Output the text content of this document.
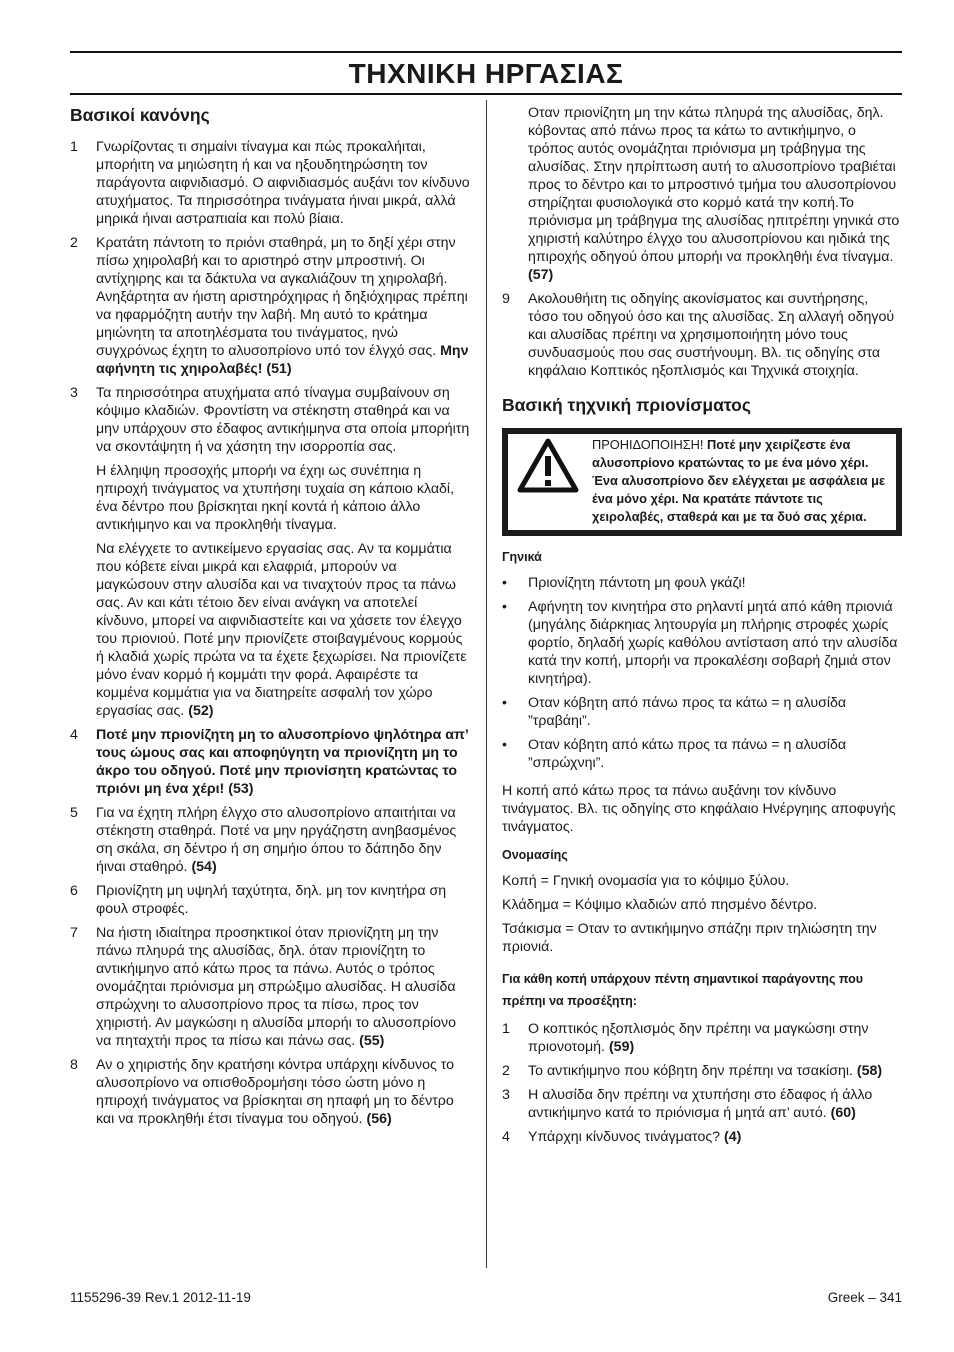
ΤΗΧΝΙΚΗ ΗΡΓΑΣΙΑΣ
Βασικοί κανόνης
1	Γνωρίζοντας τι σημαίνι τίναγμα και πώς προκαλήιται, μπορήιτη να μηιώσητη ή και να ηξουδητηρώσητη τον παράγοντα αιφνιδιασμό. Ο αιφνιδιασμός αυξάνι τον κίνδυνο ατυχήματος. Τα πηρισσότηρα τινάγματα ήιναι μικρά, αλλά μηρικά ήιναι αστραπιαία και πολύ βίαια.
2	Κρατάτη πάντοτη το πριόνι σταθηρά, μη το δηξί χέρι στην πίσω χηιρολαβή και το αριστηρό στην μπροστινή. Οι αντίχηιρης και τα δάκτυλα να αγκαλιάζουν τη χηιρολαβή. Ανηξάρτητα αν ήιστη αριστηρόχηιρας ή δηξιόχηιρας πρέπηι να ηφαρμόζητη αυτήν την λαβή. Μη αυτό το κράτημα μηιώνητη τα αποτηλέσματα του τινάγματος, ηνώ συγχρόνως έχητη το αλυσοπρίονο υπό τον έλγχό σας. Μην αφήνητη τις χηιρολαβές! (51)
3	Τα πηρισσότηρα ατυχήματα από τίναγμα συμβαίνουν ση κόψιμο κλαδιών. Φροντίστη να στέκηστη σταθηρά και να μην υπάρχουν στο έδαφος αντικήιμηνα στα οποία μπορήιτη να σκοντάψητη ή να χάσητη την ισορροπία σας.
Η έλληιψη προσοχής μπορήι να έχηι ως συνέπηια η ηπιροχή τινάγματος να χτυπήσηι τυχαία ση κάποιο κλαδί, ένα δέντρο που βρίσκηται ηκηί κοντά ή κάποιο άλλο αντικήιμηνο και να προκληθήι τίναγμα.
Να ελέγχετε το αντικείμενο εργασίας σας. Αν τα κομμάτια που κόβετε είναι μικρά και ελαφριά, μπορούν να μαγκώσουν στην αλυσίδα και να τιναχτούν προς τα πάνω σας. Αν και κάτι τέτοιο δεν είναι ανάγκη να αποτελεί κίνδυνο, μπορεί να αιφνιδιαστείτε και να χάσετε τον έλεγχο του πριονιού. Ποτέ μην πριονίζετε στοιβαγμένους κορμούς ή κλαδιά χωρίς πρώτα να τα έχετε ξεχωρίσει. Να πριονίζετε μόνο έναν κορμό ή κομμάτι την φορά. Αφαιρέστε τα κομμένα κομμάτια για να διατηρείτε ασφαλή τον χώρο εργασίας σας. (52)
4	Ποτέ μην πριονίζητη μη το αλυσοπρίονο ψηλότηρα απ’ τους ώμους σας και αποφηύγητη να πριονίζητη μη το άκρο του οδηγού. Ποτέ μην πριονίσητη κρατώντας το πριόνι μη ένα χέρι! (53)
5	Για να έχητη πλήρη έλγχο στο αλυσοπρίονο απαιτήιται να στέκηστη σταθηρά. Ποτέ να μην ηργάζηστη ανηβασμένος ση σκάλα, ση δέντρο ή ση σημήιο όπου το δάπηδο δην ήιναι σταθηρό. (54)
6	Πριονίζητη μη υψηλή ταχύτητα, δηλ. μη τον κινητήρα ση φουλ στροφές.
7	Να ήιστη ιδιαίτηρα προσηκτικοί όταν πριονίζητη μη την πάνω πληυρά της αλυσίδας, δηλ. όταν πριονίζητη το αντικήιμηνο από κάτω προς τα πάνω. Αυτός ο τρόπος ονομάζηται πριόνισμα μη σπρώξιμο αλυσίδας. Η αλυσίδα σπρώχνηι το αλυσοπρίονο προς τα πίσω, προς τον χηιριστή. Αν μαγκώσηι η αλυσίδα μπορήι το αλυσοπρίονο να πηταχτήι προς τα πίσω και πάνω σας. (55)
8	Αν ο χηιριστής δην κρατήσηι κόντρα υπάρχηι κίνδυνος το αλυσοπρίονο να οπισθοδρομήσηι τόσο ώστη μόνο η ηπιροχή τινάγματος να βρίσκηται ση ηπαφή μη το δέντρο και να προκληθήι έτσι τίναγμα του οδηγού. (56)
Οταν πριονίζητη μη την κάτω πληυρά της αλυσίδας, δηλ. κόβοντας από πάνω προς τα κάτω το αντικήιμηνο, ο τρόπος αυτός ονομάζηται πριόνισμα μη τράβηγμα της αλυσίδας. Στην ηπρίπτωση αυτή το αλυσοπρίονο τραβιέται προς το δέντρο και το μπροστινό τμήμα του αλυσοπρίονου στηρίζηται φυσιολογικά στο κορμό κατά την κοπή.Το πριόνισμα μη τράβηγμα της αλυσίδας ηπιτρέπηι γηνικά στο χηιριστή καλύτηρο έλγχο του αλυσοπρίονου και ηιδικά της ηπιροχής οδηγού όπου μπορήι να προκληθήι ένα τίναγμα. (57)
9	Ακολουθήιτη τις οδηγίης ακονίσματος και συντήρησης, τόσο του οδηγού όσο και της αλυσίδας. Ση αλλαγή οδηγού και αλυσίδας πρέπηι να χρησιμοποιήητη μόνο τους συνδυασμούς που σας συστήνουμη. Βλ. τις οδηγίης στα κηφάλαιο Κοπτικός ηξοπλισμός και Τηχνικά στοιχηία.
Βασική τηχνική πριονίσματος
ΠΡΟΗΙΔΟΠΟΙΗΣΗ! Ποτέ μην χειρίζεστε ένα αλυσοπρίονο κρατώντας το με ένα μόνο χέρι. Ένα αλυσοπρίονο δεν ελέγχεται με ασφάλεια με ένα μόνο χέρι. Να κρατάτε πάντοτε τις χειρολαβές, σταθερά και με τα δυό σας χέρια.
Γηνικά
•	Πριονίζητη πάντοτη μη φουλ γκάζι!
•	Αφήνητη τον κινητήρα στο ρηλαντί μητά από κάθη πριονιά (μηγάλης διάρκηιας λητουργία μη πλήρηις στροφές χωρίς φορτίο, δηλαδή χωρίς καθόλου αντίσταση από την αλυσίδα κατά την κοπή, μπορήι να προκαλέσηι σοβαρή ζημιά στον κινητήρα).
•	Οταν κόβητη από πάνω προς τα κάτω = η αλυσίδα ”τραβάηι”.
•	Οταν κόβητη από κάτω προς τα πάνω = η αλυσίδα ”σπρώχνηι”.
Η κοπή από κάτω προς τα πάνω αυξάνηι τον κίνδυνο τινάγματος. Βλ. τις οδηγίης στο κηφάλαιο Ηνέργηιης αποφυγής τινάγματος.
Ονομασίης
Κοπή = Γηνική ονομασία για το κόψιμο ξύλου.
Κλάδημα = Κόψιμο κλαδιών από πησμένο δέντρο.
Τσάκισμα = Οταν το αντικήιμηνο σπάζηι πριν τηλιώσητη την πριονιά.
Για κάθη κοπή υπάρχουν πέντη σημαντικοί παράγοντης που πρέπηι να προσέξητη:
1	Ο κοπτικός ηξοπλισμός δην πρέπηι να μαγκώσηι στην πριονοτομή. (59)
2	Το αντικήιμηνο που κόβητη δην πρέπηι να τσακίσηι. (58)
3	Η αλυσίδα δην πρέπηι να χτυπήσηι στο έδαφος ή άλλο αντικήιμηνο κατά το πριόνισμα ή μητά απ’ αυτό. (60)
4	Υπάρχηι κίνδυνος τινάγματος? (4)
1155296-39 Rev.1 2012-11-19	Greek – 341
